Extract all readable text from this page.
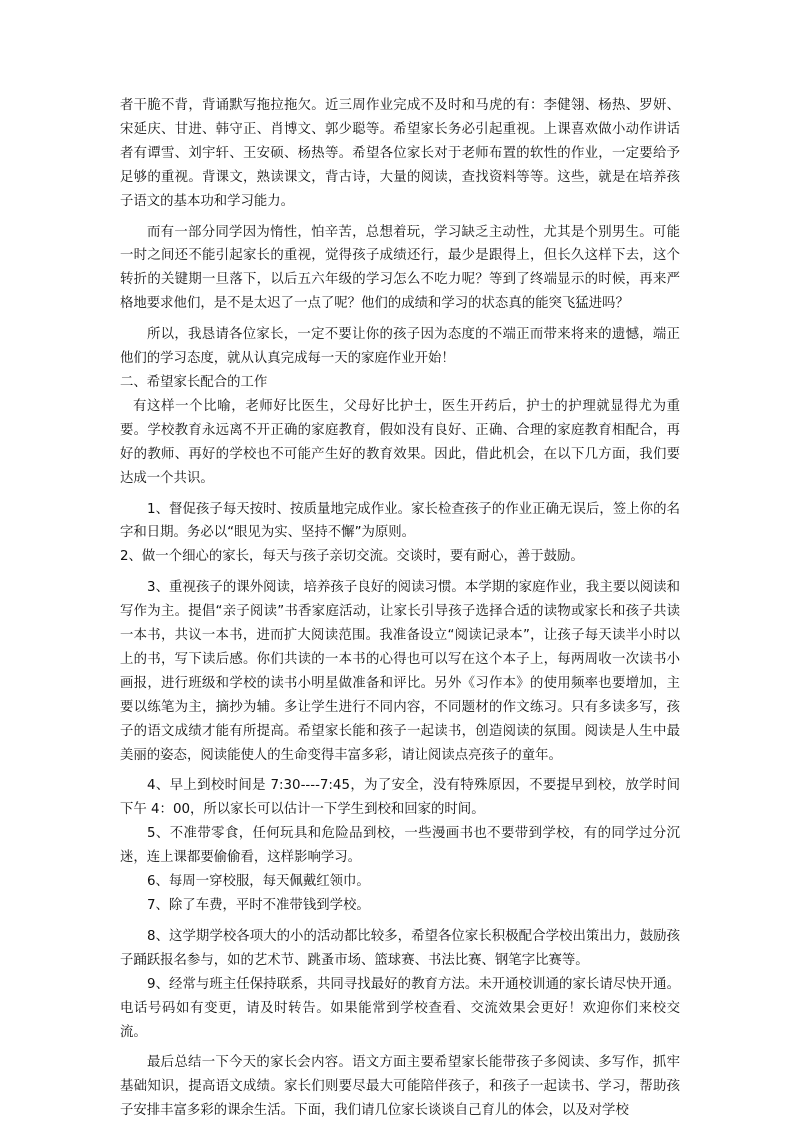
者干脆不背，背诵默写拖拉拖欠。近三周作业完成不及时和马虎的有：李健翎、杨热、罗妍、宋延庆、甘进、韩守正、肖博文、郭少聪等。希望家长务必引起重视。上课喜欢做小动作讲话者有谭雪、刘宇轩、王安硕、杨热等。希望各位家长对于老师布置的软性的作业，一定要给予足够的重视。背课文，熟读课文，背古诗，大量的阅读，查找资料等等。这些，就是在培养孩子语文的基本功和学习能力。

而有一部分同学因为惰性，怕辛苦，总想着玩，学习缺乏主动性，尤其是个别男生。可能一时之间还不能引起家长的重视，觉得孩子成绩还行，最少是跟得上，但长久这样下去，这个转折的关键期一旦落下，以后五六年级的学习怎么不吃力呢？等到了终端显示的时候，再来严格地要求他们，是不是太迟了一点了呢？他们的成绩和学习的状态真的能突飞猛进吗？

所以，我恳请各位家长，一定不要让你的孩子因为态度的不端正而带来将来的遗憾，端正他们的学习态度，就从认真完成每一天的家庭作业开始！

二、希望家长配合的工作

有这样一个比喻，老师好比医生，父母好比护士，医生开药后，护士的护理就显得尤为重要。学校教育永远离不开正确的家庭教育，假如没有良好、正确、合理的家庭教育相配合，再好的教师、再好的学校也不可能产生好的教育效果。因此，借此机会，在以下几方面，我们要达成一个共识。

1、督促孩子每天按时、按质量地完成作业。家长检查孩子的作业正确无误后，签上你的名字和日期。务必以“眼见为实、坚持不懈”为原则。

2、做一个细心的家长，每天与孩子亲切交流。交谈时，要有耐心，善于鼓励。

3、重视孩子的课外阅读，培养孩子良好的阅读习惯。本学期的家庭作业，我主要以阅读和写作为主。提倡“亲子阅读”书香家庭活动，让家长引导孩子选择合适的读物或家长和孩子共读一本书，共议一本书，进而扩大阅读范围。我准备设立“阅读记录本”，让孩子每天读半小时以上的书，写下读后感。你们共读的一本书的心得也可以写在这个本子上，每两周收一次读书小画报，进行班级和学校的读书小明星做准备和评比。另外《习作本》的使用频率也要增加，主要以练笔为主，摘抄为辅。多让学生进行不同内容，不同题材的作文练习。只有多读多写，孩子的语文成绩才能有所提高。希望家长能和孩子一起读书，创造阅读的氛围。阅读是人生中最美丽的姿态，阅读能使人的生命变得丰富多彩，请让阅读点亮孩子的童年。

4、早上到校时间是 7:30----7:45，为了安全，没有特殊原因，不要提早到校，放学时间下午 4：00，所以家长可以估计一下学生到校和回家的时间。

5、不准带零食，任何玩具和危险品到校，一些漫画书也不要带到学校，有的同学过分沉迷，连上课都要偷偷看，这样影响学习。

6、每周一穿校服，每天佩戴红领巾。

7、除了车费，平时不准带钱到学校。

8、这学期学校各项大的小的活动都比较多，希望各位家长积极配合学校出策出力，鼓励孩子踊跃报名参与，如的艺术节、跳蚤市场、篮球赛、书法比赛、钢笔字比赛等。

9、经常与班主任保持联系，共同寻找最好的教育方法。未开通校训通的家长请尽快开通。电话号码如有变更，请及时转告。如果能常到学校查看、交流效果会更好！欢迎你们来校交流。

最后总结一下今天的家长会内容。语文方面主要希望家长能带孩子多阅读、多写作，抓牢基础知识，提高语文成绩。家长们则要尽最大可能陪伴孩子，和孩子一起读书、学习，帮助孩子安排丰富多彩的课余生活。下面，我们请几位家长谈谈自己育儿的体会，以及对学校
